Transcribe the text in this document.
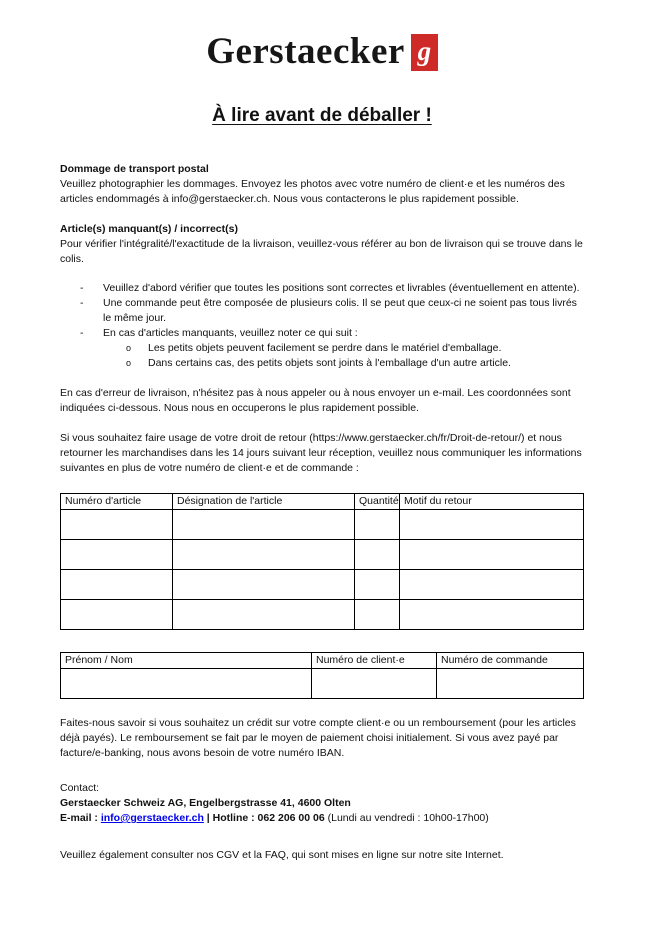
Gerstaecker g
À lire avant de déballer !

Dommage de transport postal

Veuillez photographier les dommages. Envoyez les photos avec votre numéro de client·e et les numéros des articles endommagés à info@gerstaecker.ch. Nous vous contacterons le plus rapidement possible.

Article(s) manquant(s) / incorrect(s)

Pour vérifier l'intégralité/l'exactitude de la livraison, veuillez-vous référer au bon de livraison qui se trouve dans le colis.

-	Veuillez d'abord vérifier que toutes les positions sont correctes et livrables (éventuellement en attente).
-	Une commande peut être composée de plusieurs colis. Il se peut que ceux-ci ne soient pas tous livrés le même jour.
-	En cas d'articles manquants, veuillez noter ce qui suit :
o	Les petits objets peuvent facilement se perdre dans le matériel d'emballage.
o	Dans certains cas, des petits objets sont joints à l'emballage d'un autre article.

En cas d'erreur de livraison, n'hésitez pas à nous appeler ou à nous envoyer un e-mail. Les coordonnées sont indiquées ci-dessous. Nous nous en occuperons le plus rapidement possible.

Si vous souhaitez faire usage de votre droit de retour (https://www.gerstaecker.ch/fr/Droit-de-retour/) et nous retourner les marchandises dans les 14 jours suivant leur réception, veuillez nous communiquer les informations suivantes en plus de votre numéro de client·e et de commande :

Numéro d'article	Désignation de l'article	Quantité	Motif du retour

Prénom / Nom	Numéro de client·e	Numéro de commande

Faites-nous savoir si vous souhaitez un crédit sur votre compte client·e ou un remboursement (pour les articles déjà payés). Le remboursement se fait par le moyen de paiement choisi initialement. Si vous avez payé par facture/e-banking, nous avons besoin de votre numéro IBAN.

Contact:

Gerstaecker Schweiz AG, Engelbergstrasse 41, 4600 Olten

E-mail : info@gerstaecker.ch | Hotline : 062 206 00 06 (Lundi au vendredi : 10h00-17h00)

Veuillez également consulter nos CGV et la FAQ, qui sont mises en ligne sur notre site Internet.
